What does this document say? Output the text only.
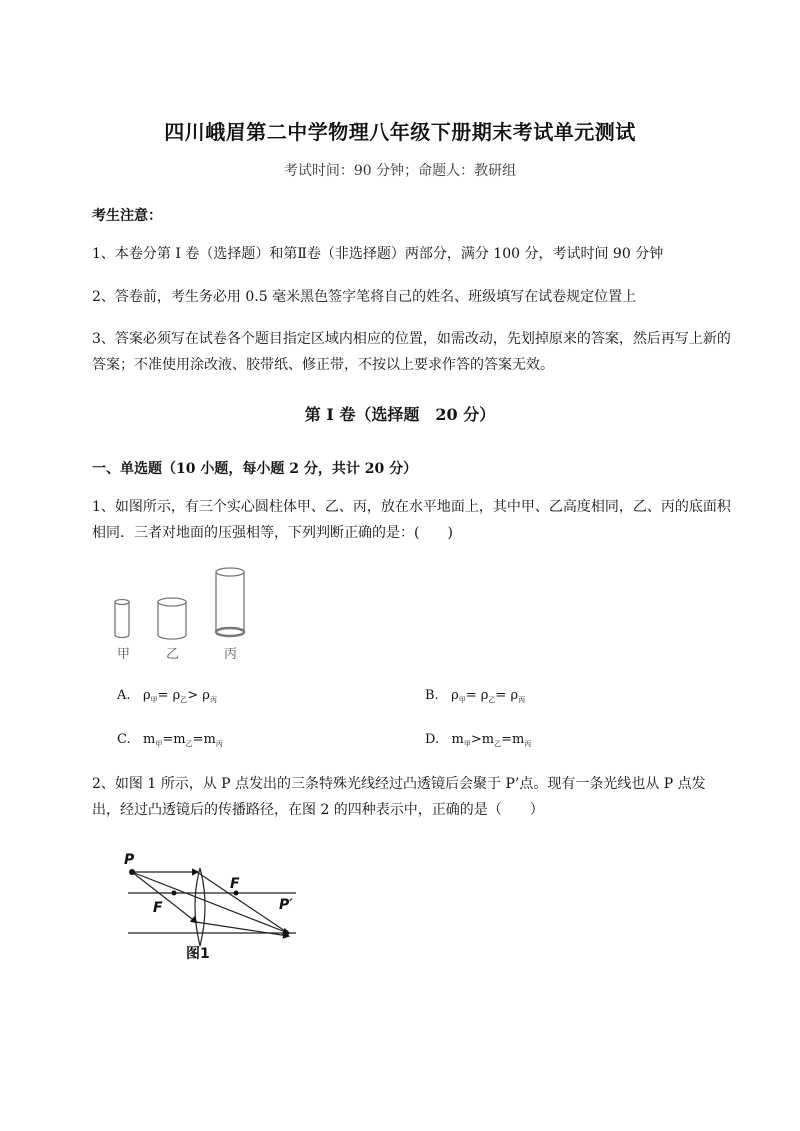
四川峨眉第二中学物理八年级下册期末考试单元测试
考试时间：90 分钟；命题人：教研组
考生注意：
1、本卷分第 I 卷（选择题）和第Ⅱ卷（非选择题）两部分，满分 100 分，考试时间 90 分钟
2、答卷前，考生务必用 0.5 毫米黑色签字笔将自己的姓名、班级填写在试卷规定位置上
3、答案必须写在试卷各个题目指定区域内相应的位置，如需改动，先划掉原来的答案，然后再写上新的答案；不准使用涂改液、胶带纸、修正带，不按以上要求作答的答案无效。
第 I 卷（选择题　20 分）
一、单选题（10 小题，每小题 2 分，共计 20 分）
1、如图所示，有三个实心圆柱体甲、乙、丙，放在水平地面上，其中甲、乙高度相同，乙、丙的底面积相同．三者对地面的压强相等，下列判断正确的是：(　　)
甲	乙	丙
A. $\rho_甲= \rho_乙> \rho_丙$	B. $\rho_甲= \rho_乙= \rho_丙$
C. $m_甲=m_乙=m_丙$	D. $m_甲>m_乙=m_丙$
2、如图 1 所示，从 P 点发出的三条特殊光线经过凸透镜后会聚于 P’点。现有一条光线也从 P 点发出，经过凸透镜后的传播路径，在图 2 的四种表示中，正确的是（　　）
P
F
F	P′
图1
